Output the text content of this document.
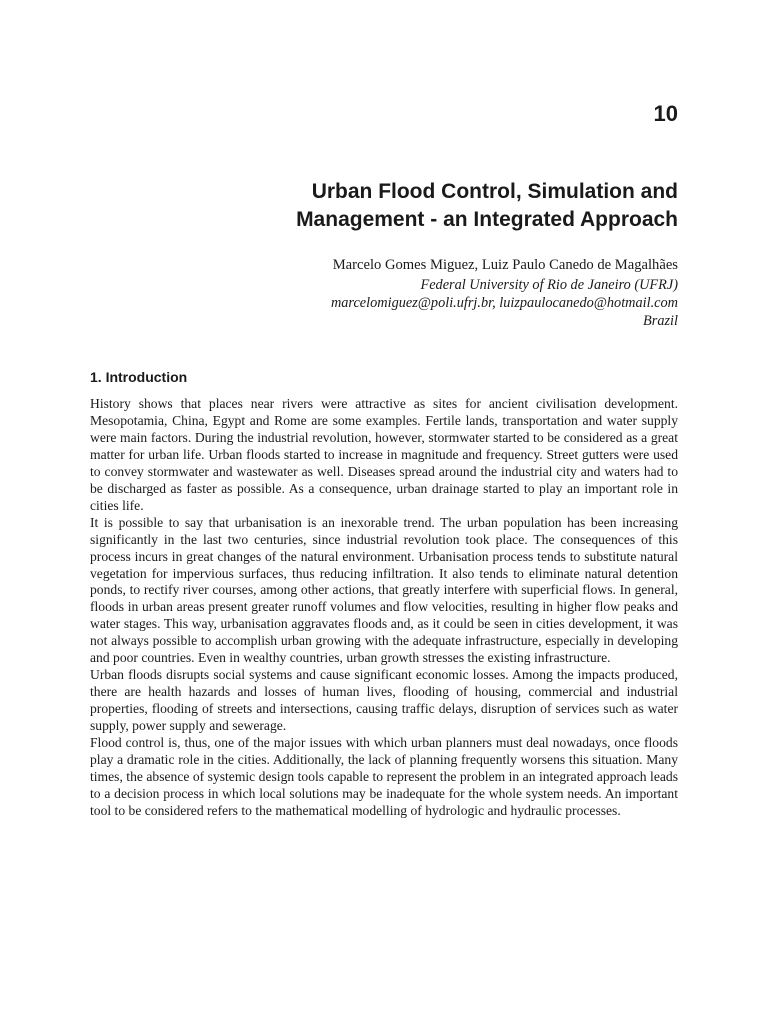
10
Urban Flood Control, Simulation and
Management - an Integrated Approach
Marcelo Gomes Miguez, Luiz Paulo Canedo de Magalhães
Federal University of Rio de Janeiro (UFRJ)
marcelomiguez@poli.ufrj.br, luizpaulocanedo@hotmail.com
Brazil
1. Introduction

History shows that places near rivers were attractive as sites for ancient civilisation development. Mesopotamia, China, Egypt and Rome are some examples. Fertile lands, transportation and water supply were main factors. During the industrial revolution, however, stormwater started to be considered as a great matter for urban life. Urban floods started to increase in magnitude and frequency. Street gutters were used to convey stormwater and wastewater as well. Diseases spread around the industrial city and waters had to be discharged as faster as possible. As a consequence, urban drainage started to play an important role in cities life.

It is possible to say that urbanisation is an inexorable trend. The urban population has been increasing significantly in the last two centuries, since industrial revolution took place. The consequences of this process incurs in great changes of the natural environment. Urbanisation process tends to substitute natural vegetation for impervious surfaces, thus reducing infiltration. It also tends to eliminate natural detention ponds, to rectify river courses, among other actions, that greatly interfere with superficial flows. In general, floods in urban areas present greater runoff volumes and flow velocities, resulting in higher flow peaks and water stages. This way, urbanisation aggravates floods and, as it could be seen in cities development, it was not always possible to accomplish urban growing with the adequate infrastructure, especially in developing and poor countries. Even in wealthy countries, urban growth stresses the existing infrastructure.

Urban floods disrupts social systems and cause significant economic losses. Among the impacts produced, there are health hazards and losses of human lives, flooding of housing, commercial and industrial properties, flooding of streets and intersections, causing traffic delays, disruption of services such as water supply, power supply and sewerage.

Flood control is, thus, one of the major issues with which urban planners must deal nowadays, once floods play a dramatic role in the cities. Additionally, the lack of planning frequently worsens this situation. Many times, the absence of systemic design tools capable to represent the problem in an integrated approach leads to a decision process in which local solutions may be inadequate for the whole system needs. An important tool to be considered refers to the mathematical modelling of hydrologic and hydraulic processes.
